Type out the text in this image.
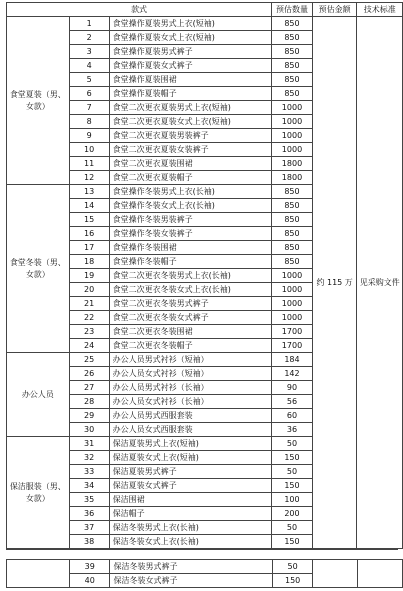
款式			预估数量	预估金额	技术标准
食堂夏装（男、女款）	1	食堂操作夏装男式上衣(短袖)	850	约 115 万	见采购文件
	2	食堂操作夏装女式上衣(短袖)	850		
	3	食堂操作夏装男式裤子	850		
	4	食堂操作夏装女式裤子	850		
	5	食堂操作夏装围裙	850		
	6	食堂操作夏装帽子	850		
	7	食堂二次更衣夏装男式上衣(短袖)	1000		
	8	食堂二次更衣夏装女式上衣(短袖)	1000		
	9	食堂二次更衣夏装男装裤子	1000		
	10	食堂二次更衣夏装女装裤子	1000		
	11	食堂二次更衣夏装围裙	1800		
	12	食堂二次更衣夏装帽子	1800		
食堂冬装（男、女款）	13	食堂操作冬装男式上衣(长袖)	850		
	14	食堂操作冬装女式上衣(长袖)	850		
	15	食堂操作冬装男装裤子	850		
	16	食堂操作冬装女装裤子	850		
	17	食堂操作冬装围裙	850		
	18	食堂操作冬装帽子	850		
	19	食堂二次更衣冬装男式上衣(长袖)	1000		
	20	食堂二次更衣冬装女式上衣(长袖)	1000		
	21	食堂二次更衣冬装男式裤子	1000		
	22	食堂二次更衣冬装女式裤子	1000		
	23	食堂二次更衣冬装围裙	1700		
	24	食堂二次更衣冬装帽子	1700		
办公人员	25	办公人员男式衬衫（短袖）	184		
	26	办公人员女式衬衫（短袖）	142		
	27	办公人员男式衬衫（长袖）	90		
	28	办公人员女式衬衫（长袖）	56		
	29	办公人员男式西服套装	60		
	30	办公人员女式西服套装	36		
保洁服装（男、女款）	31	保洁夏装男式上衣(短袖)	50		
	32	保洁夏装女式上衣(短袖)	150		
	33	保洁夏装男式裤子	50		
	34	保洁夏装女式裤子	150		
	35	保洁围裙	100		
	36	保洁帽子	200		
	37	保洁冬装男式上衣(长袖)	50		
	38	保洁冬装女式上衣(长袖)	150		
	39	保洁冬装男式裤子	50		
	40	保洁冬装女式裤子	150		
